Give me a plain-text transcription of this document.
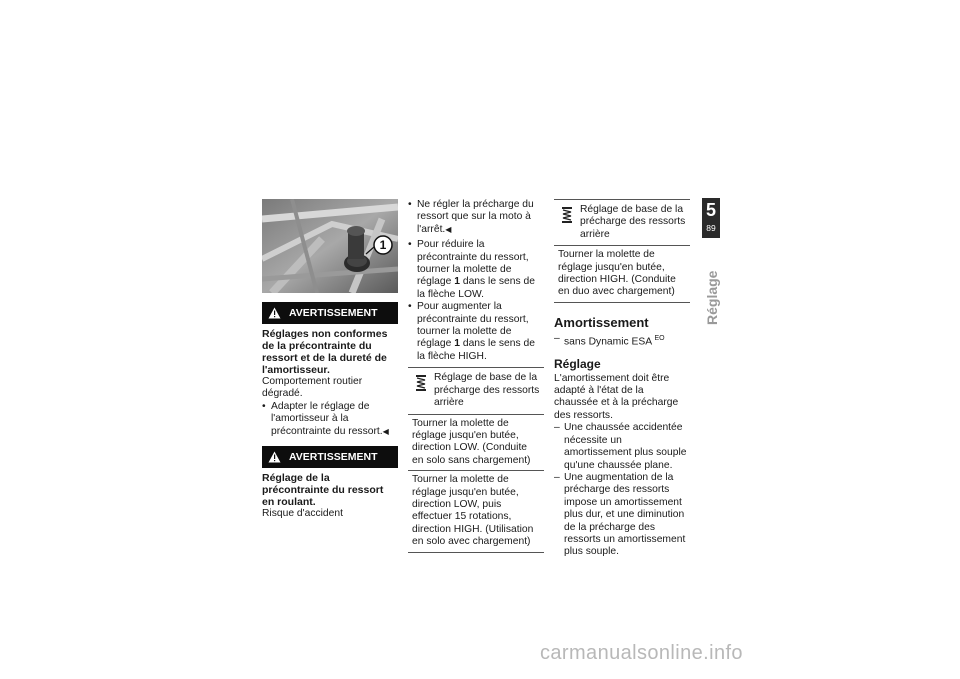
1
AVERTISSEMENT

Réglages non conformes de la précontrainte du ressort et de la dureté de l'amortisseur.

Comportement routier dégradé.

• Adapter le réglage de l'amortisseur à la précontrainte du ressort.◀

AVERTISSEMENT

Réglage de la précontrainte du ressort en roulant.

Risque d'accident

• Ne régler la précharge du ressort que sur la moto à l'arrêt.◀

• Pour réduire la précontrainte du ressort, tourner la molette de réglage 1 dans le sens de la flèche LOW.

• Pour augmenter la précontrainte du ressort, tourner la molette de réglage 1 dans le sens de la flèche HIGH.

Réglage de base de la précharge des ressorts arrière
Tourner la molette de réglage jusqu'en butée, direction LOW. (Conduite en solo sans chargement)
Tourner la molette de réglage jusqu'en butée, direction LOW, puis effectuer 15 rotations, direction HIGH. (Utilisation en solo avec chargement)
Réglage de base de la précharge des ressorts arrière
Tourner la molette de réglage jusqu'en butée, direction HIGH. (Conduite en duo avec chargement)
Amortissement

– sans Dynamic ESA $^{EO}$

Réglage

L'amortissement doit être adapté à l'état de la chaussée et à la précharge des ressorts.

– Une chaussée accidentée nécessite un amortissement plus souple qu'une chaussée plane.

– Une augmentation de la précharge des ressorts impose un amortissement plus dur, et une diminution de la précharge des ressorts un amortissement plus souple.

5
89
Réglage
carmanualsonline.info
